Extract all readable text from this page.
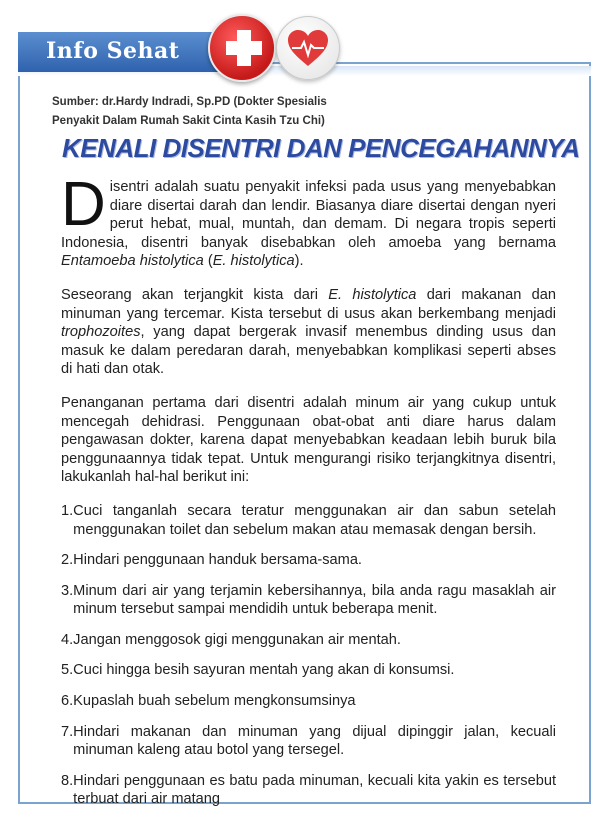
Info Sehat
Sumber: dr.Hardy Indradi, Sp.PD (Dokter Spesialis
Penyakit Dalam Rumah Sakit Cinta Kasih Tzu Chi)
KENALI DISENTRI DAN PENCEGAHANNYA

Disentri adalah suatu penyakit infeksi pada usus yang menyebabkan diare disertai darah dan lendir. Biasanya diare disertai dengan nyeri perut hebat, mual, muntah, dan demam. Di negara tropis seperti Indonesia, disentri banyak disebabkan oleh amoeba yang bernama Entamoeba histolytica (E. histolytica).

Seseorang akan terjangkit kista dari E. histolytica dari makanan dan minuman yang tercemar. Kista tersebut di usus akan berkembang menjadi trophozoites, yang dapat bergerak invasif menembus dinding usus dan masuk ke dalam peredaran darah, menyebabkan komplikasi seperti abses di hati dan otak.

Penanganan pertama dari disentri adalah minum air yang cukup untuk mencegah dehidrasi. Penggunaan obat-obat anti diare harus dalam pengawasan dokter, karena dapat menyebabkan keadaan lebih buruk bila penggunaannya tidak tepat. Untuk mengurangi risiko terjangkitnya disentri, lakukanlah hal-hal berikut ini:

1. Cuci tanganlah secara teratur menggunakan air dan sabun setelah menggunakan toilet dan sebelum makan atau memasak dengan bersih.
2. Hindari penggunaan handuk bersama-sama.
3. Minum dari air yang terjamin kebersihannya, bila anda ragu masaklah air minum tersebut sampai mendidih untuk beberapa menit.
4. Jangan menggosok gigi menggunakan air mentah.
5. Cuci hingga besih sayuran mentah yang akan di konsumsi.
6. Kupaslah buah sebelum mengkonsumsinya
7. Hindari makanan dan minuman yang dijual dipinggir jalan, kecuali minuman kaleng atau botol yang tersegel.
8. Hindari penggunaan es batu pada minuman, kecuali kita yakin es tersebut terbuat dari air matang
